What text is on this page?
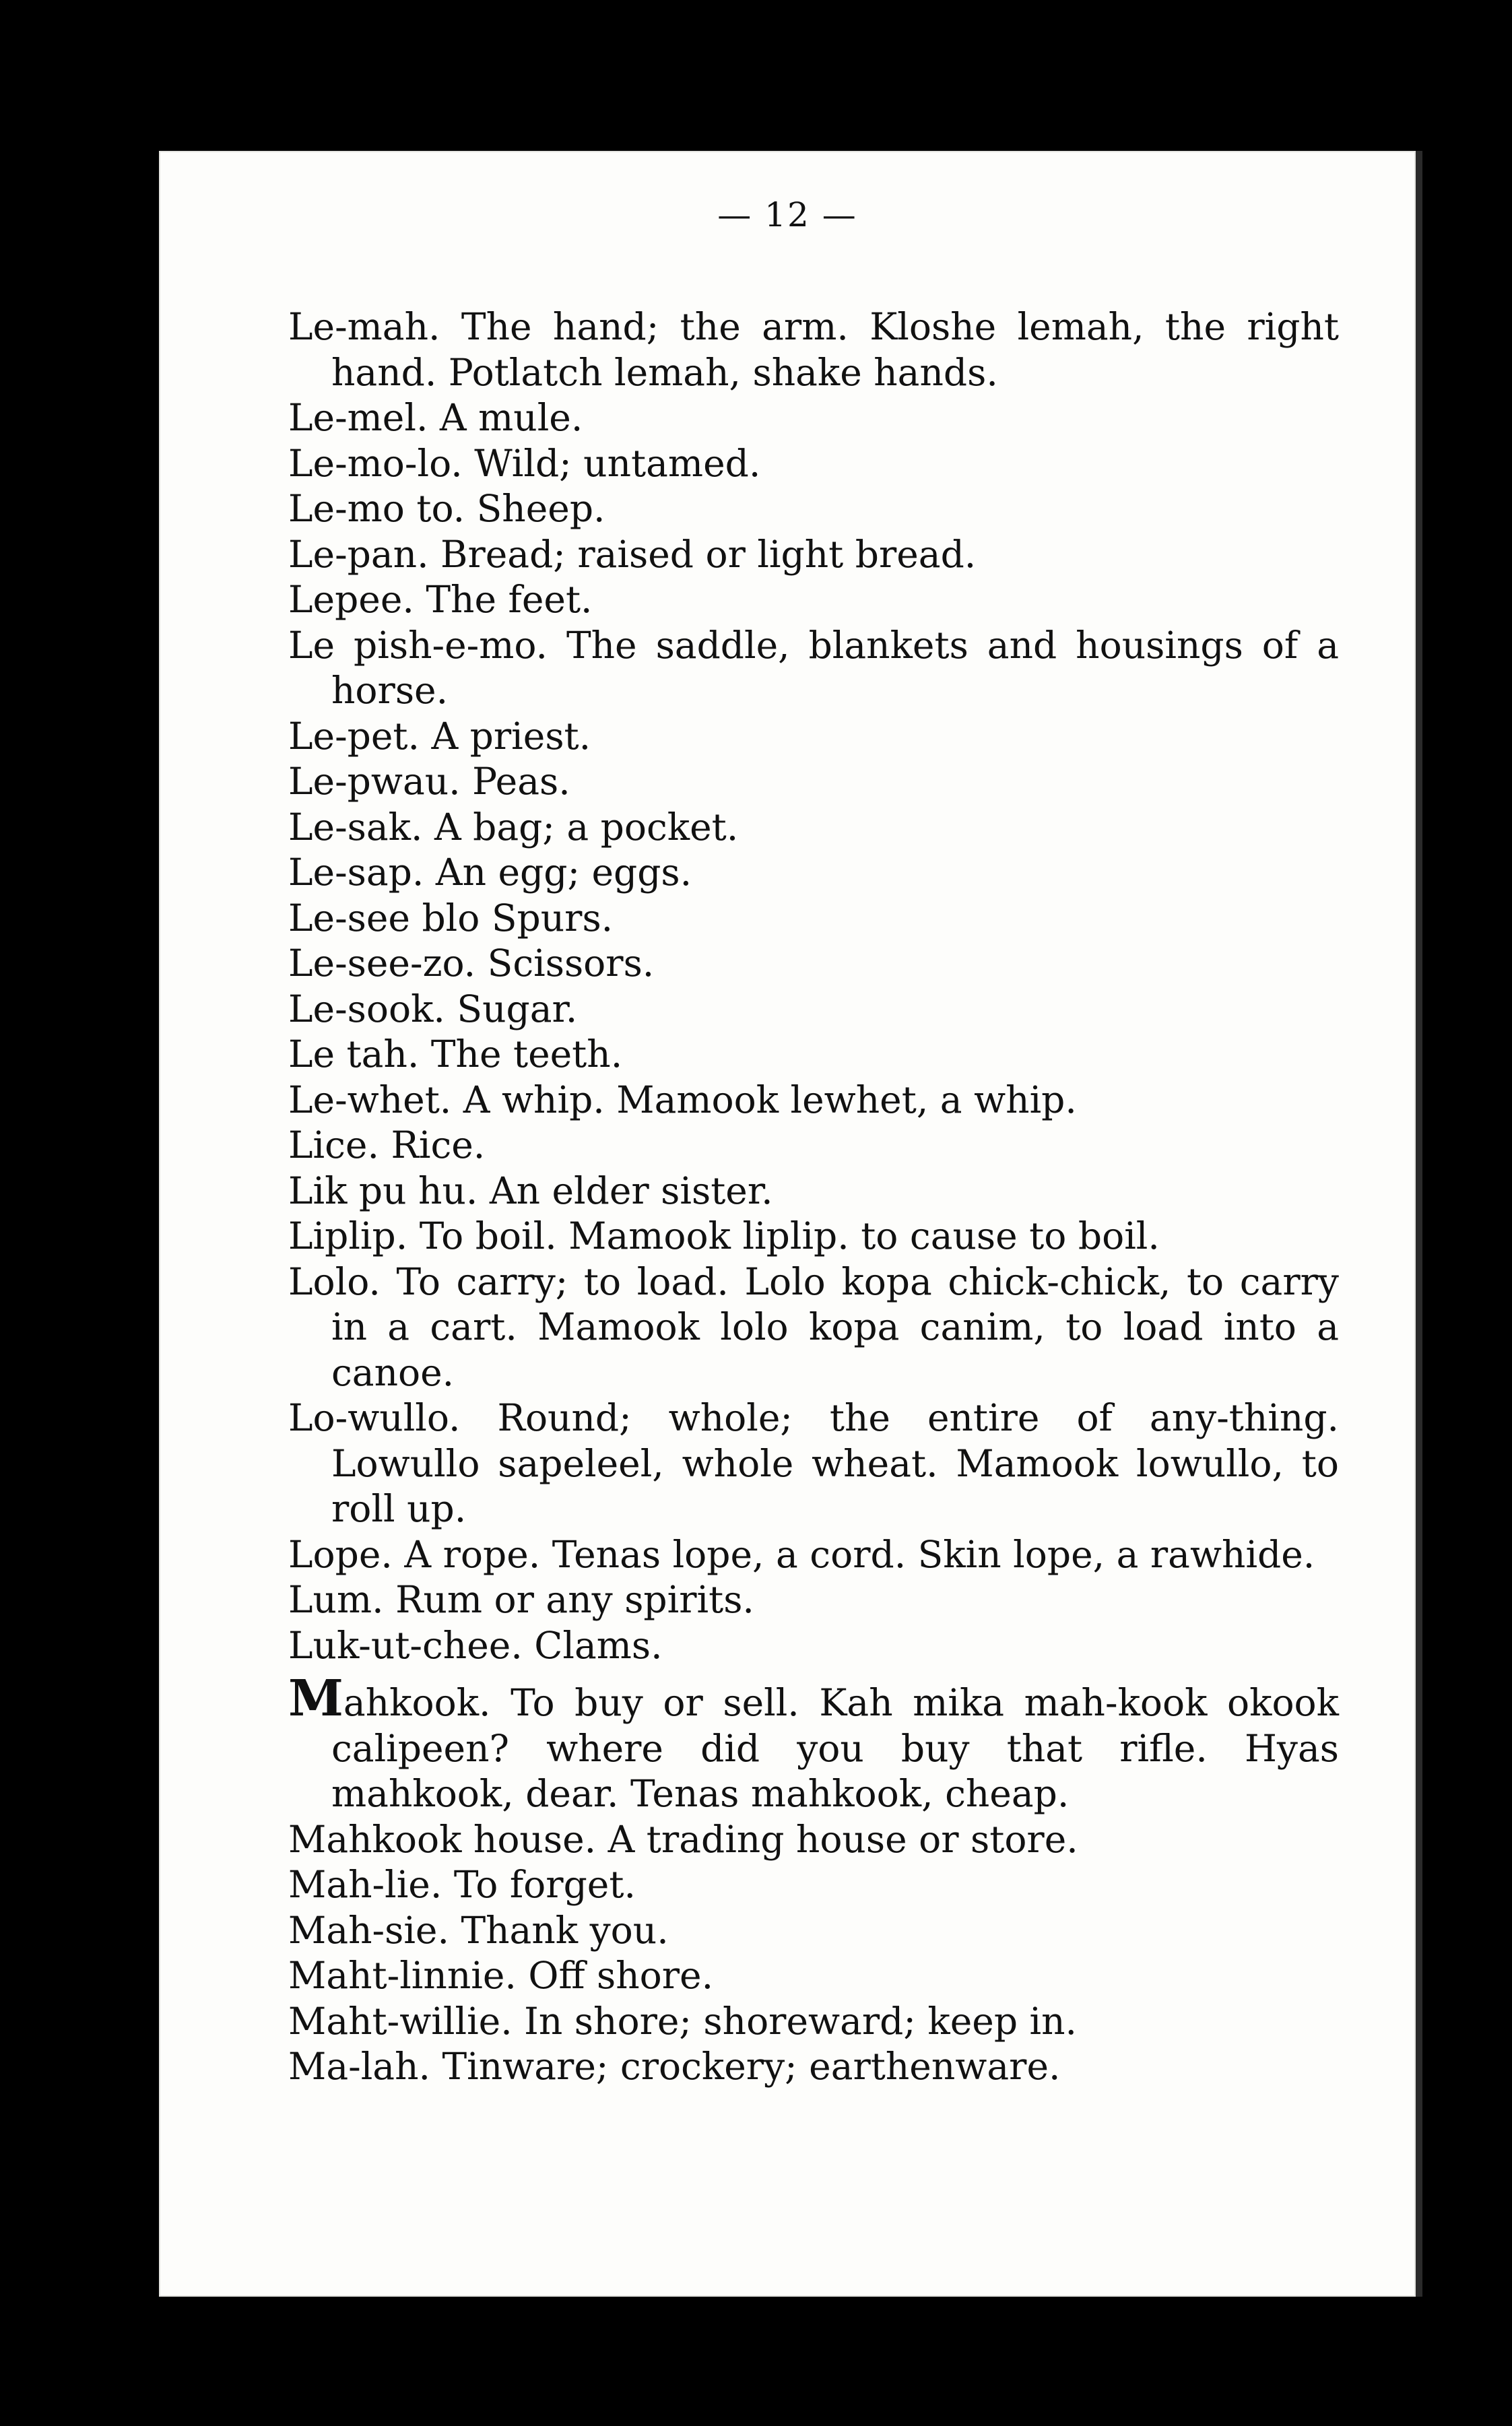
— 12 —
Le-mah. The hand; the arm. Kloshe lemah, the right hand. Potlatch lemah, shake hands.
Le-mel. A mule.
Le-mo-lo. Wild; untamed.
Le-mo to. Sheep.
Le-pan. Bread; raised or light bread.
Lepee. The feet.
Le pish-e-mo. The saddle, blankets and housings of a horse.
Le-pet. A priest.
Le-pwau. Peas.
Le-sak. A bag; a pocket.
Le-sap. An egg; eggs.
Le-see blo Spurs.
Le-see-zo. Scissors.
Le-sook. Sugar.
Le tah. The teeth.
Le-whet. A whip. Mamook lewhet, a whip.
Lice. Rice.
Lik pu hu. An elder sister.
Liplip. To boil. Mamook liplip. to cause to boil.
Lolo. To carry; to load. Lolo kopa chick-chick, to carry in a cart. Mamook lolo kopa canim, to load into a canoe.
Lo-wullo. Round; whole; the entire of any-thing. Lowullo sapeleel, whole wheat. Mamook lowullo, to roll up.
Lope. A rope. Tenas lope, a cord. Skin lope, a rawhide.
Lum. Rum or any spirits.
Luk-ut-chee. Clams.
Mahkook. To buy or sell. Kah mika mah-kook okook calipeen? where did you buy that rifle. Hyas mahkook, dear. Tenas mahkook, cheap.
Mahkook house. A trading house or store.
Mah-lie. To forget.
Mah-sie. Thank you.
Maht-linnie. Off shore.
Maht-willie. In shore; shoreward; keep in.
Ma-lah. Tinware; crockery; earthenware.
